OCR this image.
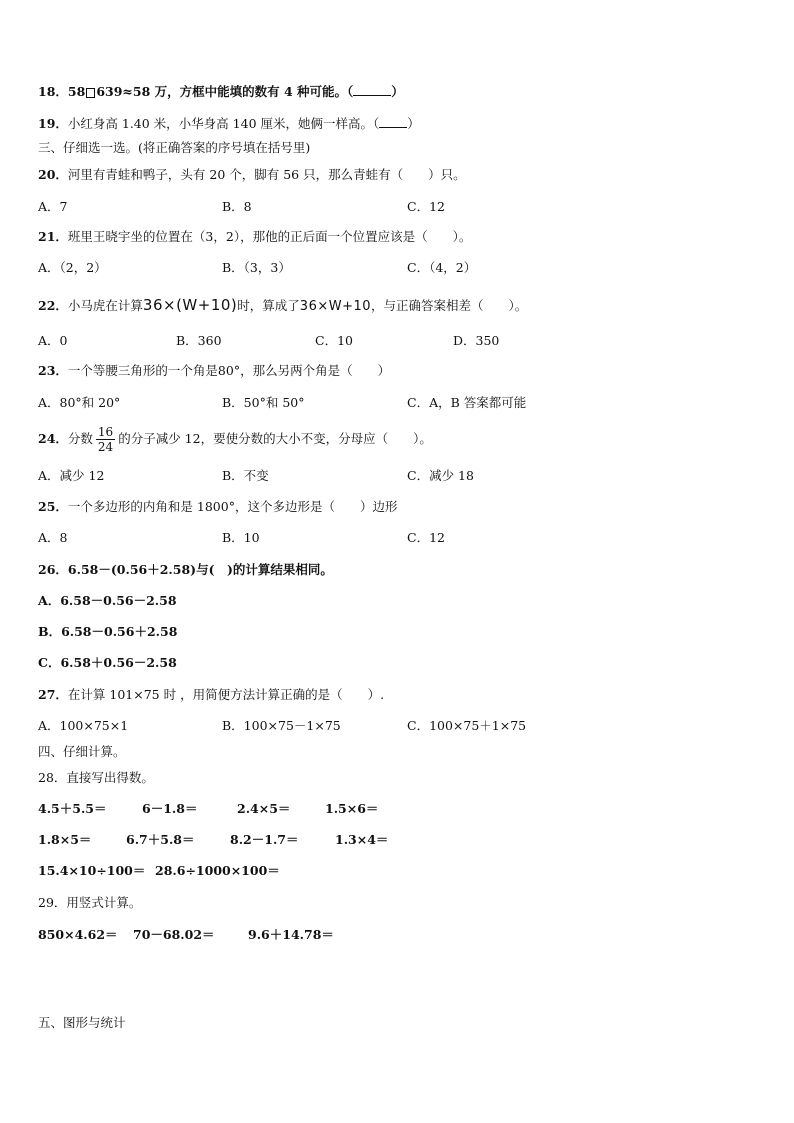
18．58 639≈58 万，方框中能填的数有 4 种可能。（	）
19．小红身高 1.40 米，小华身高 140 厘米，她俩一样高。（ ）
三、仔细选一选。(将正确答案的序号填在括号里)
20．河里有青蛙和鸭子，头有 20 个，脚有 56 只，那么青蛙有（　　）只。
A．7	B．8	C．12
21．班里王晓宇坐的位置在（3，2），那他的正后面一个位置应该是（　　）。
A．（2，2）	B．（3，3）	C．（4，2）
22．小马虎在计算36×(W+10)时，算成了36×W+10，与正确答案相差（　　）。
A．0	B．360	C．10	D．350
23．一个等腰三角形的一个角是80°，那么另两个角是（　　）
A．80°和 20°	B．50°和 50°	C．A，B 答案都可能
24．分数 $\frac{16}{24}$ 的分子减少 12，要使分数的大小不变，分母应（　　）。
A．减少 12	B．不变	C．减少 18
25．一个多边形的内角和是 1800°，这个多边形是（　　）边形
A．8	B．10	C．12
26．6.58－(0.56＋2.58)与(　)的计算结果相同。
A．6.58－0.56－2.58
B．6.58－0.56＋2.58
C．6.58＋0.56－2.58
27．在计算 101×75 时 ，用简便方法计算正确的是（　　）.
A．100×75×1	B．100×75－1×75	C．100×75＋1×75
四、仔细计算。
28．直接写出得数。
4.5＋5.5＝	6－1.8＝	2.4×5＝	1.5×6＝
1.8×5＝	6.7＋5.8＝	8.2－1.7＝	1.3×4＝
15.4×10÷100＝ 28.6÷1000×100＝
29．用竖式计算。
850×4.62＝ 70－68.02＝	9.6＋14.78＝
五、图形与统计
